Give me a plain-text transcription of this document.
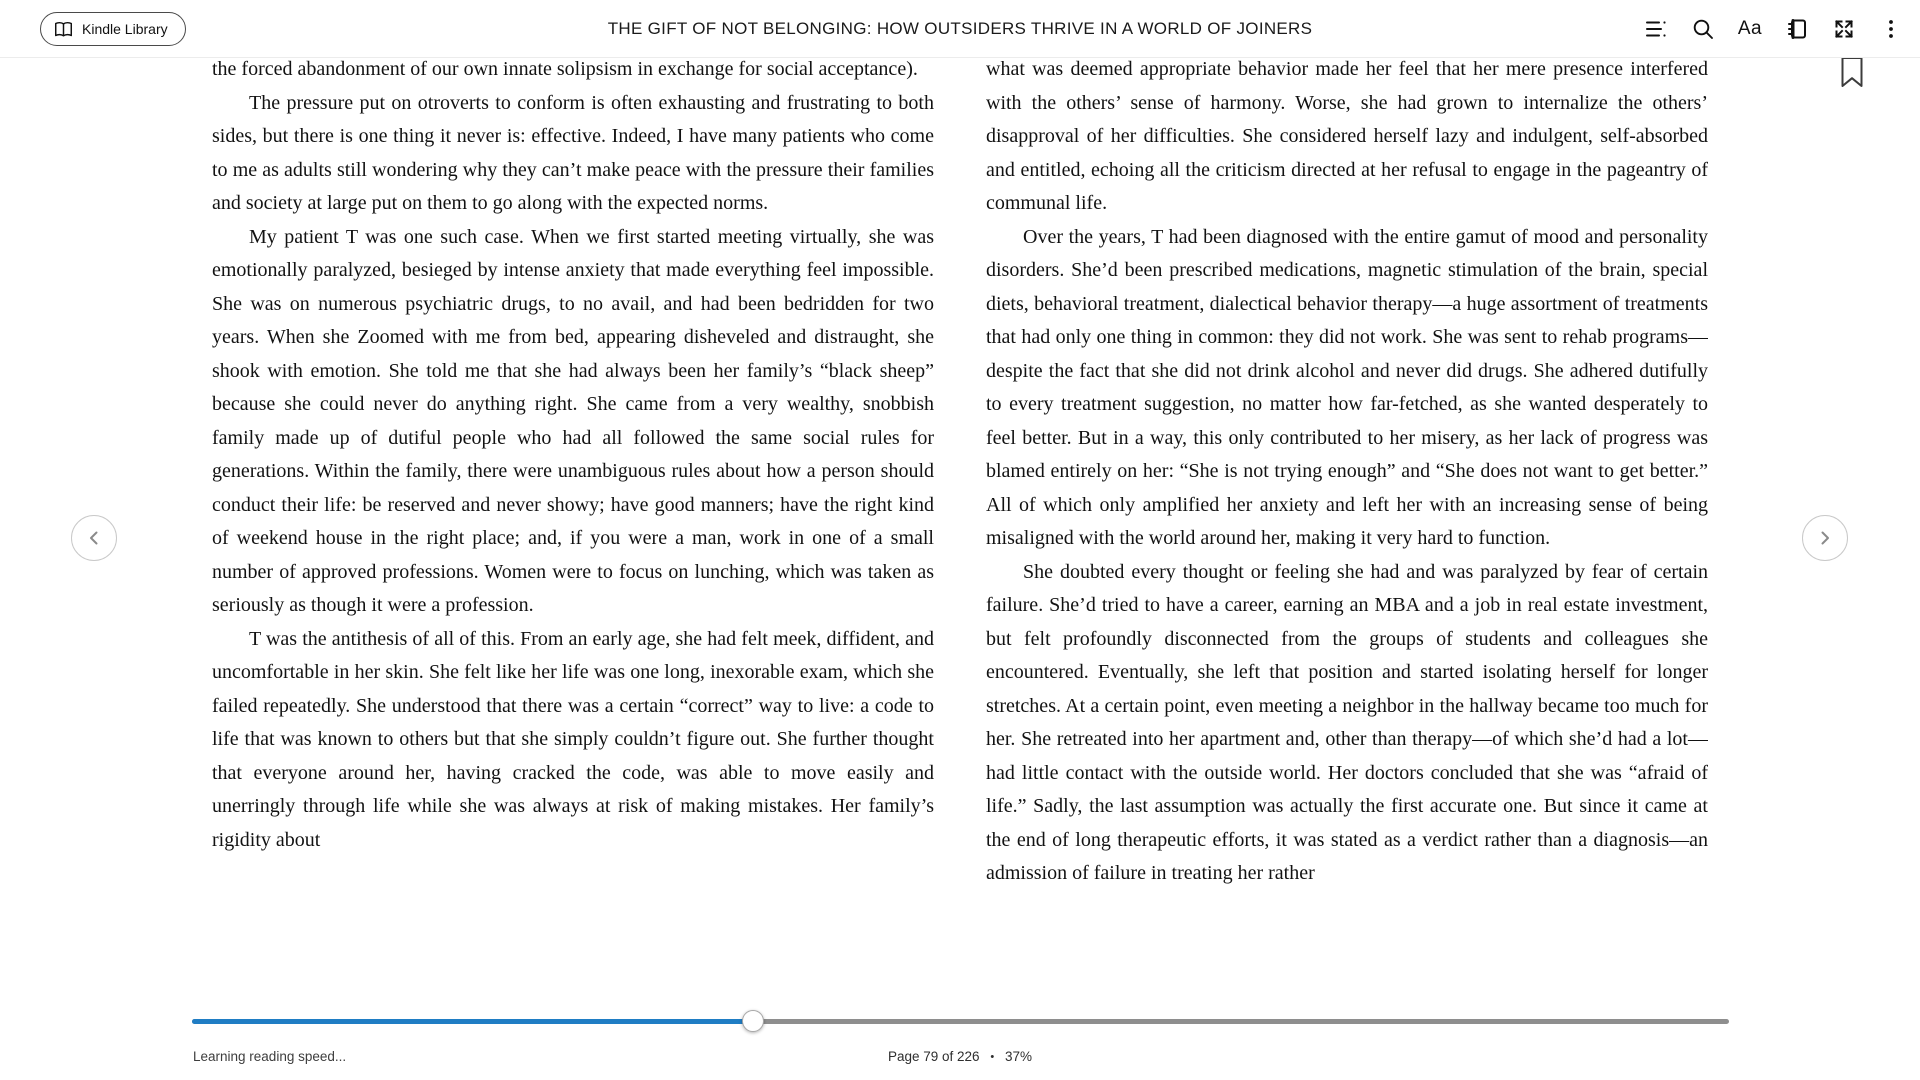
THE GIFT OF NOT BELONGING: HOW OUTSIDERS THRIVE IN A WORLD OF JOINERS
Kindle Library	Aa

the forced abandonment of our own innate solipsism in exchange for social acceptance).

The pressure put on otroverts to conform is often exhausting and frustrating to both sides, but there is one thing it never is: effective. Indeed, I have many patients who come to me as adults still wondering why they can’t make peace with the pressure their families and society at large put on them to go along with the expected norms.

My patient T was one such case. When we first started meeting virtually, she was emotionally paralyzed, besieged by intense anxiety that made everything feel impossible. She was on numerous psychiatric drugs, to no avail, and had been bedridden for two years. When she Zoomed with me from bed, appearing disheveled and distraught, she shook with emotion. She told me that she had always been her family’s “black sheep” because she could never do anything right. She came from a very wealthy, snobbish family made up of dutiful people who had all followed the same social rules for generations. Within the family, there were unambiguous rules about how a person should conduct their life: be reserved and never showy; have good manners; have the right kind of weekend house in the right place; and, if you were a man, work in one of a small number of approved professions. Women were to focus on lunching, which was taken as seriously as though it were a profession.

T was the antithesis of all of this. From an early age, she had felt meek, diffident, and uncomfortable in her skin. She felt like her life was one long, inexorable exam, which she failed repeatedly. She understood that there was a certain “correct” way to live: a code to life that was known to others but that she simply couldn’t figure out. She further thought that everyone around her, having cracked the code, was able to move easily and unerringly through life while she was always at risk of making mistakes. Her family’s rigidity about

what was deemed appropriate behavior made her feel that her mere presence interfered with the others’ sense of harmony. Worse, she had grown to internalize the others’ disapproval of her difficulties. She considered herself lazy and indulgent, self-absorbed and entitled, echoing all the criticism directed at her refusal to engage in the pageantry of communal life.

Over the years, T had been diagnosed with the entire gamut of mood and personality disorders. She’d been prescribed medications, magnetic stimulation of the brain, special diets, behavioral treatment, dialectical behavior therapy—a huge assortment of treatments that had only one thing in common: they did not work. She was sent to rehab programs—despite the fact that she did not drink alcohol and never did drugs. She adhered dutifully to every treatment suggestion, no matter how far-fetched, as she wanted desperately to feel better. But in a way, this only contributed to her misery, as her lack of progress was blamed entirely on her: “She is not trying enough” and “She does not want to get better.” All of which only amplified her anxiety and left her with an increasing sense of being misaligned with the world around her, making it very hard to function.

She doubted every thought or feeling she had and was paralyzed by fear of certain failure. She’d tried to have a career, earning an MBA and a job in real estate investment, but felt profoundly disconnected from the groups of students and colleagues she encountered. Eventually, she left that position and started isolating herself for longer stretches. At a certain point, even meeting a neighbor in the hallway became too much for her. She retreated into her apartment and, other than therapy—of which she’d had a lot—had little contact with the outside world. Her doctors concluded that she was “afraid of life.” Sadly, the last assumption was actually the first accurate one. But since it came at the end of long therapeutic efforts, it was stated as a verdict rather than a diagnosis—an admission of failure in treating her rather

Learning reading speed...	Page 79 of 226 • 37%
